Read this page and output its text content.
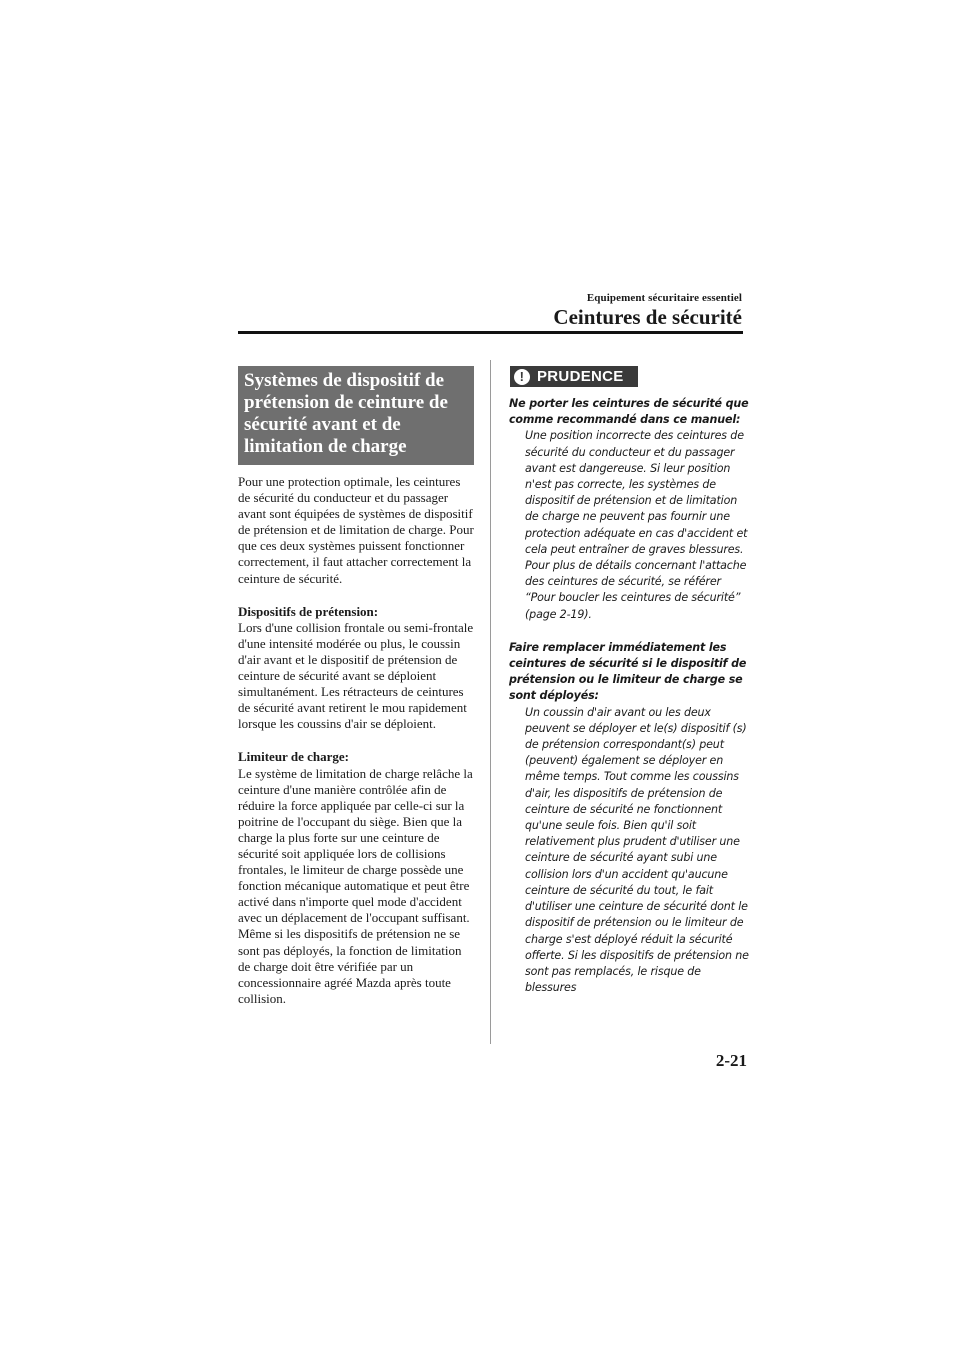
Equipement sécuritaire essentiel
Ceintures de sécurité
Systèmes de dispositif de prétension de ceinture de sécurité avant et de limitation de charge

Pour une protection optimale, les ceintures de sécurité du conducteur et du passager avant sont équipées de systèmes de dispositif de prétension et de limitation de charge. Pour que ces deux systèmes puissent fonctionner correctement, il faut attacher correctement la ceinture de sécurité.

Dispositifs de prétension:
Lors d'une collision frontale ou semi-frontale d'une intensité modérée ou plus, le coussin d'air avant et le dispositif de prétension de ceinture de sécurité avant se déploient simultanément. Les rétracteurs de ceintures de sécurité avant retirent le mou rapidement lorsque les coussins d'air se déploient.

Limiteur de charge:
Le système de limitation de charge relâche la ceinture d'une manière contrôlée afin de réduire la force appliquée par celle-ci sur la poitrine de l'occupant du siège. Bien que la charge la plus forte sur une ceinture de sécurité soit appliquée lors de collisions frontales, le limiteur de charge possède une fonction mécanique automatique et peut être activé dans n'importe quel mode d'accident avec un déplacement de l'occupant suffisant. Même si les dispositifs de prétension ne se sont pas déployés, la fonction de limitation de charge doit être vérifiée par un concessionnaire agréé Mazda après toute collision.

! PRUDENCE

Ne porter les ceintures de sécurité que comme recommandé dans ce manuel:

Une position incorrecte des ceintures de sécurité du conducteur et du passager avant est dangereuse. Si leur position n'est pas correcte, les systèmes de dispositif de prétension et de limitation de charge ne peuvent pas fournir une protection adéquate en cas d'accident et cela peut entraîner de graves blessures. Pour plus de détails concernant l'attache des ceintures de sécurité, se référer “Pour boucler les ceintures de sécurité” (page 2-19).

Faire remplacer immédiatement les ceintures de sécurité si le dispositif de prétension ou le limiteur de charge se sont déployés:

Un coussin d'air avant ou les deux peuvent se déployer et le(s) dispositif (s) de prétension correspondant(s) peut (peuvent) également se déployer en même temps. Tout comme les coussins d'air, les dispositifs de prétension de ceinture de sécurité ne fonctionnent qu'une seule fois. Bien qu'il soit relativement plus prudent d'utiliser une ceinture de sécurité ayant subi une collision lors d'un accident qu'aucune ceinture de sécurité du tout, le fait d'utiliser une ceinture de sécurité dont le dispositif de prétension ou le limiteur de charge s'est déployé réduit la sécurité offerte. Si les dispositifs de prétension ne sont pas remplacés, le risque de blessures

2-21
